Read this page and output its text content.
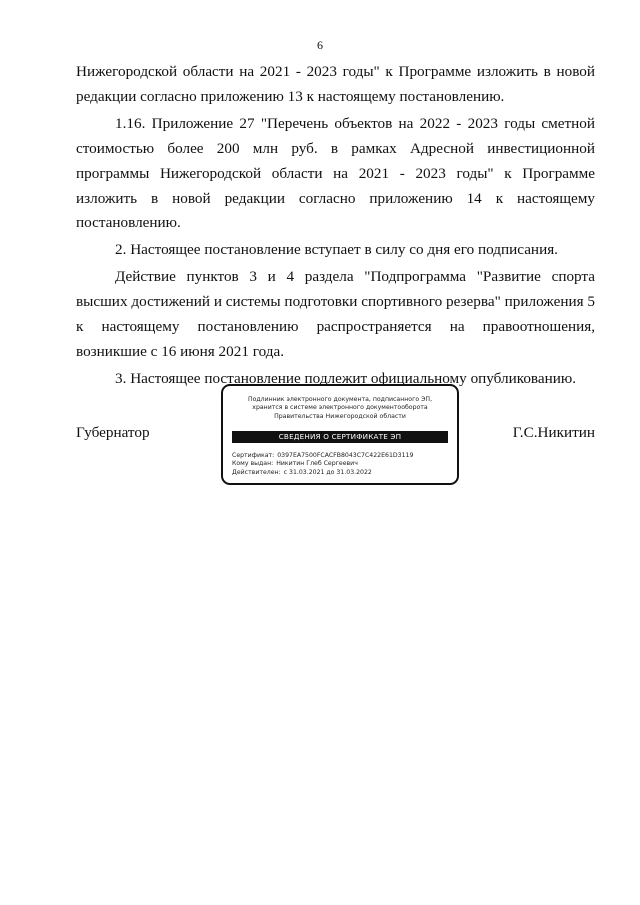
6

Нижегородской области на 2021 - 2023 годы" к Программе изложить в новой редакции согласно приложению 13 к настоящему постановлению.

1.16. Приложение 27 "Перечень объектов на 2022 - 2023 годы сметной стоимостью более 200 млн руб. в рамках Адресной инвестиционной программы Нижегородской области на 2021 - 2023 годы" к Программе изложить в новой редакции согласно приложению 14 к настоящему постановлению.

2. Настоящее постановление вступает в силу со дня его подписания.

Действие пунктов 3 и 4 раздела "Подпрограмма "Развитие спорта высших достижений и системы подготовки спортивного резерва" приложения 5 к настоящему постановлению распространяется на правоотношения, возникшие с 16 июня 2021 года.

3. Настоящее постановление подлежит официальному опубликованию.

Губернатор
Подлинник электронного документа, подписанного ЭП,
хранится в системе электронного документооборота
Правительства Нижегородской области
СВЕДЕНИЯ О СЕРТИФИКАТЕ ЭП
Сертификат: 0397EA7500FCACFB8043C7C422E61D3119
Кому выдан: Никитин Глеб Сергеевич
Действителен: с 31.03.2021 до 31.03.2022
Г.С.Никитин
